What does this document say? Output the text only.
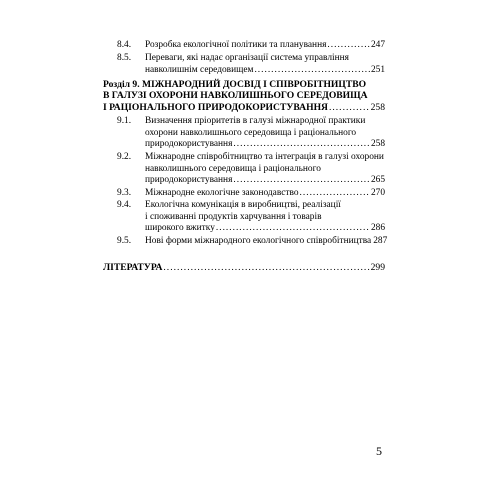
8.4. Розробка екологічної політики та планування .....	247
8.5. Переваги, які надає організації система управління
навколишнім середовищем .....	251
Розділ 9. МІЖНАРОДНИЙ ДОСВІД І СПІВРОБІТНИЦТВО
В ГАЛУЗІ ОХОРОНИ НАВКОЛИШНЬОГО СЕРЕДОВИЩА
І РАЦІОНАЛЬНОГО ПРИРОДОКОРИСТУВАННЯ .....	258
9.1. Визначення пріоритетів в галузі міжнародної практики
охорони навколишнього середовища і раціонального
природокористування .....	258
9.2. Міжнародне співробітництво та інтеграція в галузі охорони
навколишнього середовища і раціонального
природокористування .....	265
9.3. Міжнародне екологічне законодавство .....	270
9.4. Екологічна комунікація в виробництві, реалізації
і споживанні продуктів харчування і товарів
широкого вжитку .....	286
9.5. Нові форми міжнародного екологічного співробітництва 287
ЛІТЕРАТУРА .....	299
5
